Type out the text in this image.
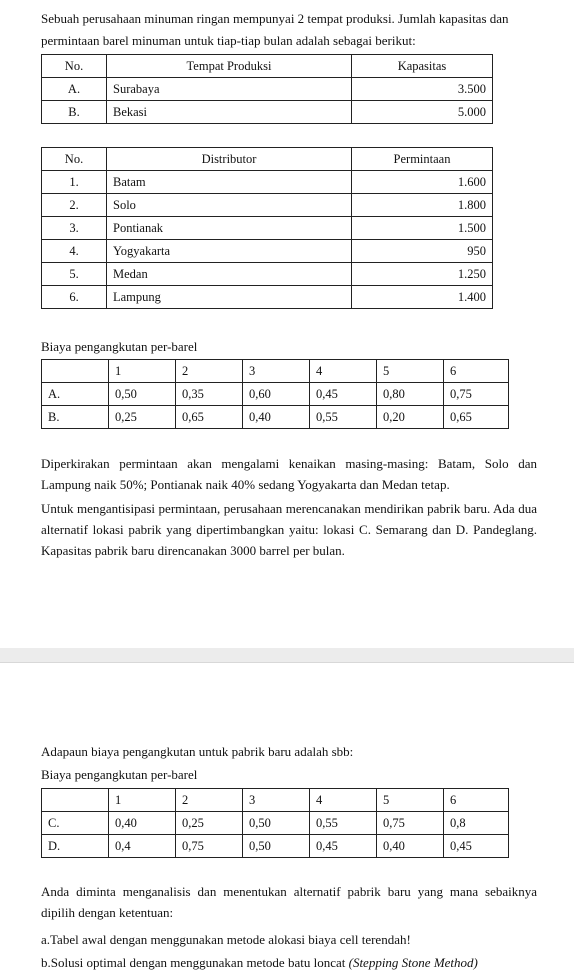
Sebuah perusahaan minuman ringan mempunyai 2 tempat produksi. Jumlah kapasitas dan

permintaan barel minuman untuk tiap-tiap bulan adalah sebagai berikut:

No.	Tempat Produksi	Kapasitas
A.	Surabaya	3.500
B.	Bekasi	5.000
No.	Distributor	Permintaan
1.	Batam	1.600
2.	Solo	1.800
3.	Pontianak	1.500
4.	Yogyakarta	950
5.	Medan	1.250
6.	Lampung	1.400

Biaya pengangkutan per-barel

	1	2	3	4	5	6
A.	0,50	0,35	0,60	0,45	0,80	0,75
B.	0,25	0,65	0,40	0,55	0,20	0,65

Diperkirakan permintaan akan mengalami kenaikan masing-masing: Batam, Solo dan Lampung naik 50%; Pontianak naik 40% sedang Yogyakarta dan Medan tetap.

Untuk mengantisipasi permintaan, perusahaan merencanakan mendirikan pabrik baru. Ada dua alternatif lokasi pabrik yang dipertimbangkan yaitu: lokasi C. Semarang dan D. Pandeglang. Kapasitas pabrik baru direncanakan 3000 barrel per bulan.

Adapaun biaya pengangkutan untuk pabrik baru adalah sbb:

Biaya pengangkutan per-barel

	1	2	3	4	5	6
C.	0,40	0,25	0,50	0,55	0,75	0,8
D.	0,4	0,75	0,50	0,45	0,40	0,45

Anda diminta menganalisis dan menentukan alternatif pabrik baru yang mana sebaiknya dipilih dengan ketentuan:

a.Tabel awal dengan menggunakan metode alokasi biaya cell terendah!

b.Solusi optimal dengan menggunakan metode batu loncat (Stepping Stone Method)
